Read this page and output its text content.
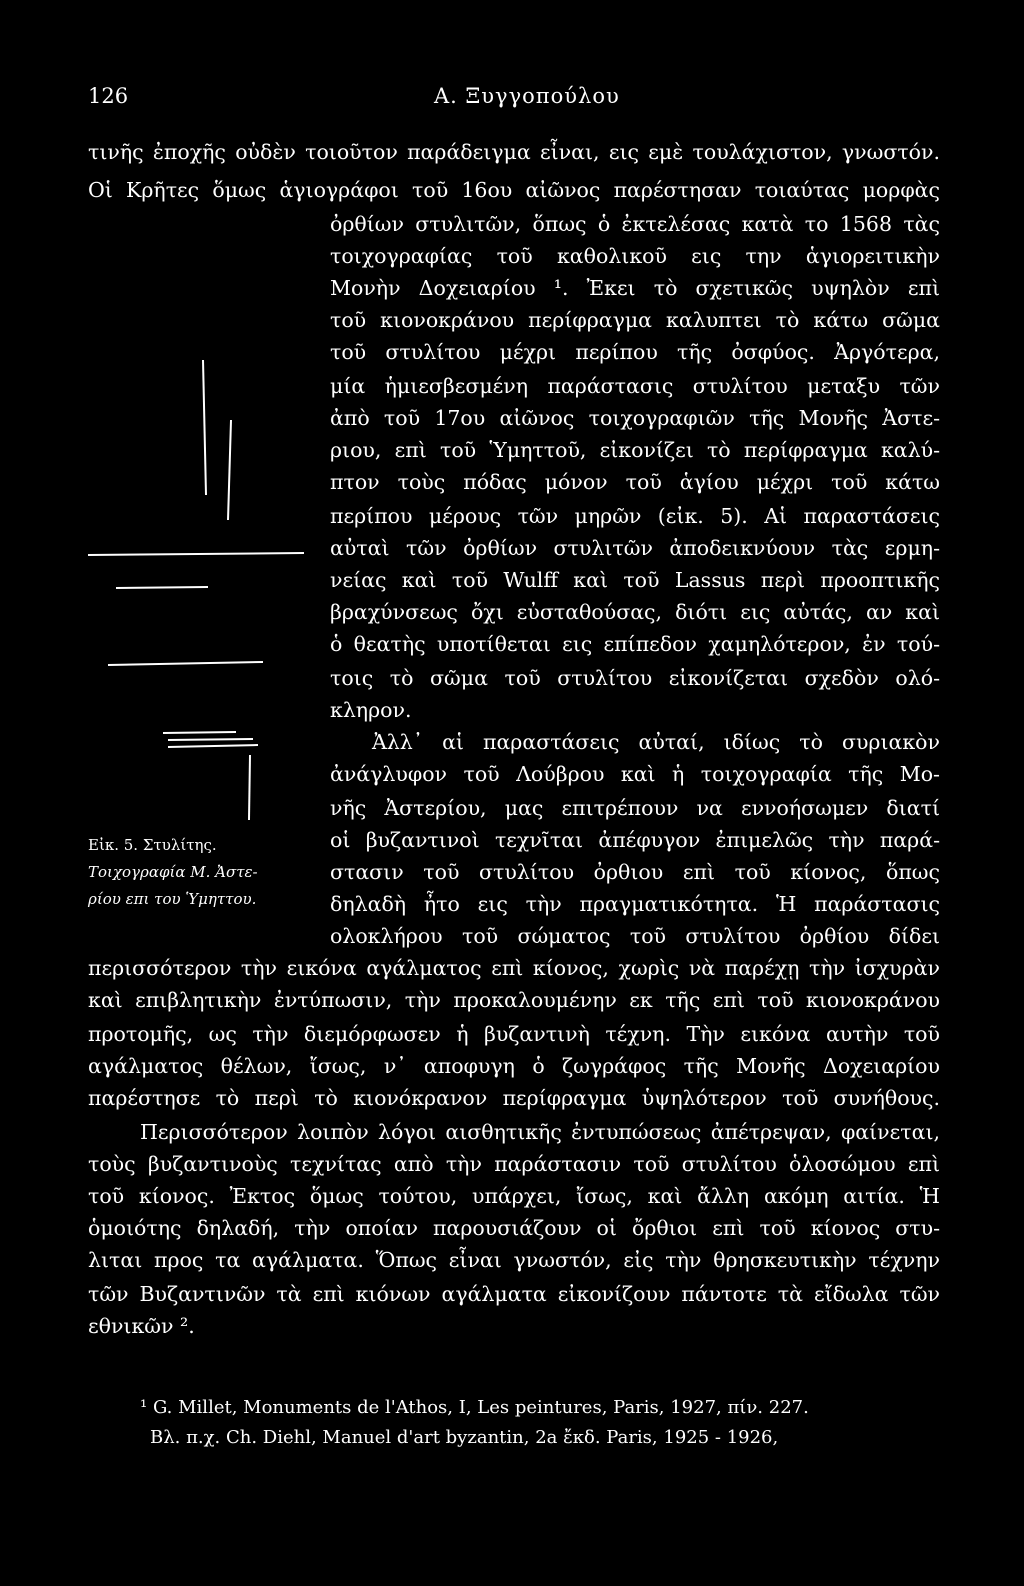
126	Α. Ξυγγοπούλου
τινῆς ἐποχῆς οὐδὲν τοιοῦτον παράδειγμα εἶναι, εις εμὲ τουλάχιστον, γνωστόν.
Οἱ Κρῆτες ὅμως ἁγιογράφοι τοῦ 16ου αἰῶνος παρέστησαν τοιαύτας μορφὰς
ὀρθίων στυλιτῶν, ὅπως ὁ ἐκτελέσας κατὰ το 1568 τὰς
τοιχογραφίας τοῦ καθολικοῦ εις την ἁγιορειτικὴν
Μονὴν Δοχειαρίου ¹. Ἐκει τὸ σχετικῶς υψηλὸν επὶ
τοῦ κιονοκράνου περίφραγμα καλυπτει τὸ κάτω σῶμα
τοῦ στυλίτου μέχρι περίπου τῆς ὀσφύος. Ἀργότερα,
μία ἡμιεσβεσμένη παράστασις στυλίτου μεταξυ τῶν
ἀπὸ τοῦ 17ου αἰῶνος τοιχογραφιῶν τῆς Μονῆς Ἀστε-
ριου, επὶ τοῦ Ὑμηττοῦ, εἰκονίζει τὸ περίφραγμα καλύ-
πτον τοὺς πόδας μόνον τοῦ ἁγίου μέχρι τοῦ κάτω
περίπου μέρους τῶν μηρῶν (εἰκ. 5). Αἱ παραστάσεις
αὐταὶ τῶν ὀρθίων στυλιτῶν ἀποδεικνύουν τὰς ερμη-
νείας καὶ τοῦ Wulff καὶ τοῦ Lassus περὶ προοπτικῆς
βραχύνσεως ὄχι εὐσταθούσας, διότι εις αὐτάς, αν καὶ
ὁ θεατὴς υποτίθεται εις επίπεδον χαμηλότερον, ἐν τού-
τοις τὸ σῶμα τοῦ στυλίτου εἰκονίζεται σχεδὸν ολό-
κληρον.
Ἀλλ᾽ αἱ παραστάσεις αὐταί, ιδίως τὸ συριακὸν
ἀνάγλυφον τοῦ Λούβρου καὶ ἡ τοιχογραφία τῆς Μο-
νῆς Ἀστερίου, μας επιτρέπουν να εννοήσωμεν διατί
οἱ βυζαντινοὶ τεχνῖται ἀπέφυγον ἐπιμελῶς τὴν παρά-
στασιν τοῦ στυλίτου ὀρθιου επὶ τοῦ κίονος, ὅπως
δηλαδὴ ἦτο εις τὴν πραγματικότητα. Ἡ παράστασις
ολοκλήρου τοῦ σώματος τοῦ στυλίτου ὀρθίου δίδει
περισσότερον τὴν εικόνα αγάλματος επὶ κίονος, χωρὶς νὰ παρέχῃ τὴν ἰσχυρὰν
καὶ επιβλητικὴν ἐντύπωσιν, τὴν προκαλουμένην εκ τῆς επὶ τοῦ κιονοκράνου
προτομῆς, ως τὴν διεμόρφωσεν ἡ βυζαντινὴ τέχνη. Τὴν εικόνα αυτὴν τοῦ
αγάλματος θέλων, ἴσως, ν᾽ αποφυγη ὁ ζωγράφος τῆς Μονῆς Δοχειαρίου
παρέστησε τὸ περὶ τὸ κιονόκρανον περίφραγμα ὑψηλότερον τοῦ συνήθους.
Περισσότερον λοιπὸν λόγοι αισθητικῆς ἐντυπώσεως ἀπέτρεψαν, φαίνεται,
τοὺς βυζαντινοὺς τεχνίτας απὸ τὴν παράστασιν τοῦ στυλίτου ὁλοσώμου επὶ
τοῦ κίονος. Ἐκτος ὅμως τούτου, υπάρχει, ἴσως, καὶ ἄλλη ακόμη αιτία. Ἡ
ὁμοιότης δηλαδή, τὴν οποίαν παρουσιάζουν οἱ ὄρθιοι επὶ τοῦ κίονος στυ-
λιται προς τα αγάλματα. Ὅπως εἶναι γνωστόν, εἰς τὴν θρησκευτικὴν τέχνην
τῶν Βυζαντινῶν τὰ επὶ κιόνων αγάλματα εἰκονίζουν πάντοτε τὰ εἴδωλα τῶν
εθνικῶν ².
Εἰκ. 5. Στυλίτης.
Τοιχογραφία Μ. Ἀστε-
ρίου επι του Ὑμηττου.
¹ G. Millet, Monuments de l'Athos, I, Les peintures, Paris, 1927, πίν. 227.
Βλ. π.χ. Ch. Diehl, Manuel d'art byzantin, 2a ἔκδ. Paris, 1925 - 1926,
